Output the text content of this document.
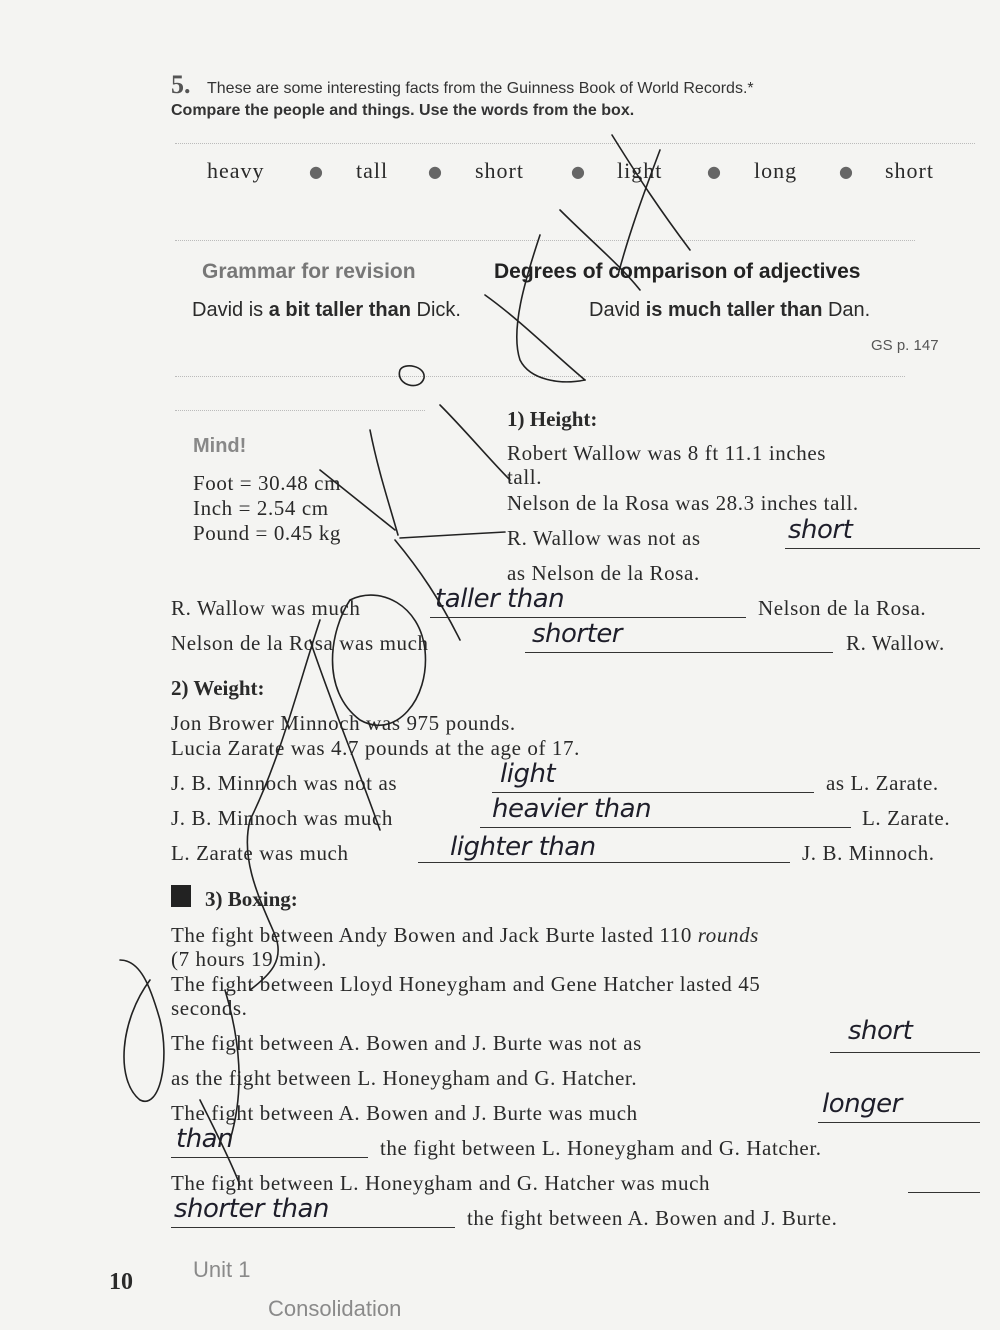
5. These are some interesting facts from the Guinness Book of World Records.*
Compare the people and things. Use the words from the box.
heavy	● tall ● short	● light	● long	● short
Grammar for revision	Degrees of comparison of adjectives
David is a bit taller than Dick.	David is much taller than Dan.
GS p. 147
Mind!
Foot = 30.48 cm
Inch = 2.54 cm
Pound = 0.45 kg
1) Height:
Robert Wallow was 8 ft 11.1 inches
tall.
Nelson de la Rosa was 28.3 inches tall.
R. Wallow was not as	short
as Nelson de la Rosa.
R. Wallow was much	taller than	Nelson de la Rosa.
Nelson de la Rosa was much	shorter	R. Wallow.
2) Weight:
Jon Brower Minnoch was 975 pounds.
Lucia Zarate was 4.7 pounds at the age of 17.
J. B. Minnoch was not as	light	as L. Zarate.
J. B. Minnoch was much	heavier than	L. Zarate.
L. Zarate was much	lighter than	J. B. Minnoch.
3) Boxing:
The fight between Andy Bowen and Jack Burte lasted 110 rounds
(7 hours 19 min).
The fight between Lloyd Honeygham and Gene Hatcher lasted 45
seconds.
The fight between A. Bowen and J. Burte was not as	short
as the fight between L. Honeygham and G. Hatcher.
The fight between A. Bowen and J. Burte was much	longer
than	the fight between L. Honeygham and G. Hatcher.
The fight between L. Honeygham and G. Hatcher was much
shorter than	the fight between A. Bowen and J. Burte.
10	Unit 1
Consolidation
